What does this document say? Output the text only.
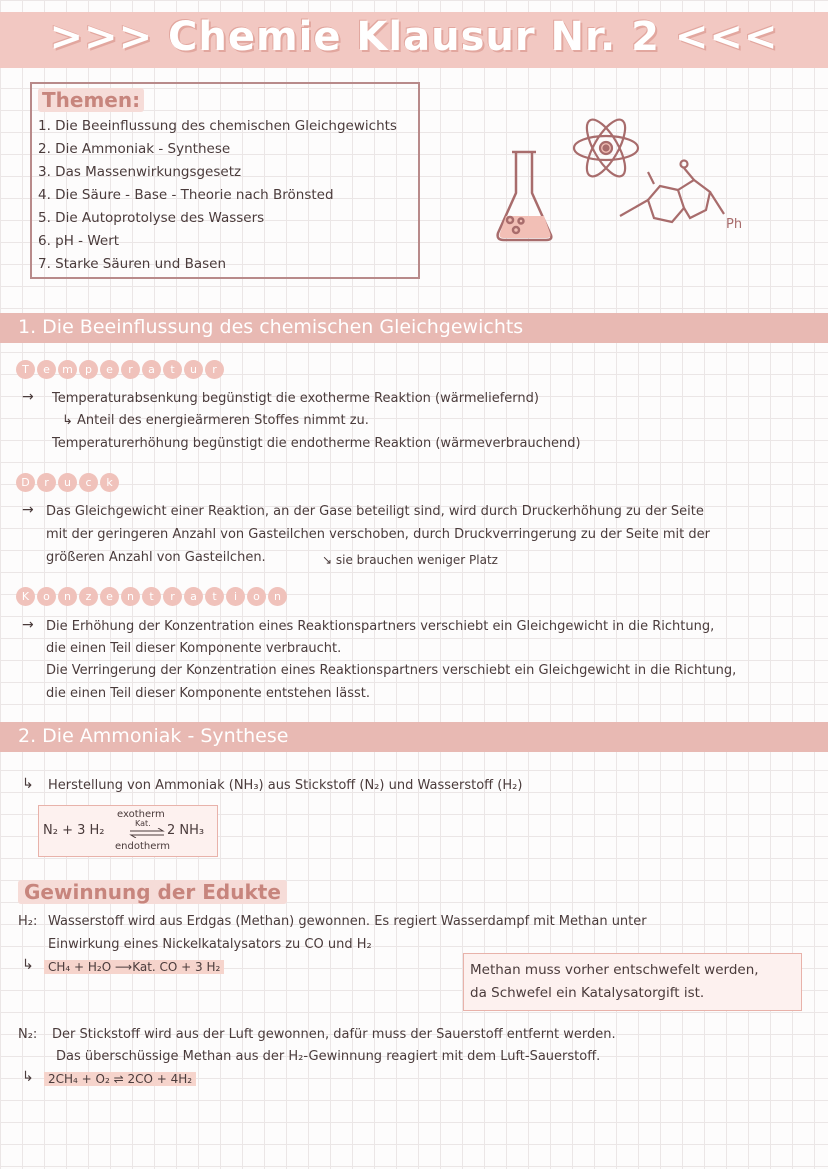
>>> Chemie Klausur Nr. 2 <<<
Themen:
1. Die Beeinflussung des chemischen Gleichgewichts
2. Die Ammoniak - Synthese
3. Das Massenwirkungsgesetz
4. Die Säure - Base - Theorie nach Brönsted
5. Die Autoprotolyse des Wassers
6. pH - Wert
7. Starke Säuren und Basen
Ph
1. Die Beeinflussung des chemischen Gleichgewichts
T	e	m	p	e	r	a	t	u	r
→ Temperaturabsenkung begünstigt die exotherme Reaktion (wärmeliefernd)
↳ Anteil des energieärmeren Stoffes nimmt zu.
Temperaturerhöhung begünstigt die endotherme Reaktion (wärmeverbrauchend)
D	r	u	c	k
→ Das Gleichgewicht einer Reaktion, an der Gase beteiligt sind, wird durch Druckerhöhung zu der Seite
mit der geringeren Anzahl von Gasteilchen verschoben, durch Druckverringerung zu der Seite mit der
größeren Anzahl von Gasteilchen.	↘ sie brauchen weniger Platz
K	o	n	z	e	n	t	r	a	t	i	o	n
→ Die Erhöhung der Konzentration eines Reaktionspartners verschiebt ein Gleichgewicht in die Richtung,
die einen Teil dieser Komponente verbraucht.
Die Verringerung der Konzentration eines Reaktionspartners verschiebt ein Gleichgewicht in die Richtung,
die einen Teil dieser Komponente entstehen lässt.
2. Die Ammoniak - Synthese
↳ Herstellung von Ammoniak (NH₃) aus Stickstoff (N₂) und Wasserstoff (H₂)
N₂ + 3 H₂
exotherm
Kat. ⇌ 2 NH₃
endotherm
Gewinnung der Edukte
H₂: Wasserstoff wird aus Erdgas (Methan) gewonnen. Es regiert Wasserdampf mit Methan unter
Einwirkung eines Nickelkatalysators zu CO und H₂
↳	CH₄ + H₂O ⟶Kat. CO + 3 H₂	Methan muss vorher entschwefelt werden,
da Schwefel ein Katalysatorgift ist.
N₂: Der Stickstoff wird aus der Luft gewonnen, dafür muss der Sauerstoff entfernt werden.
Das überschüssige Methan aus der H₂-Gewinnung reagiert mit dem Luft-Sauerstoff.
↳	2CH₄ + O₂ ⇌ 2CO + 4H₂
